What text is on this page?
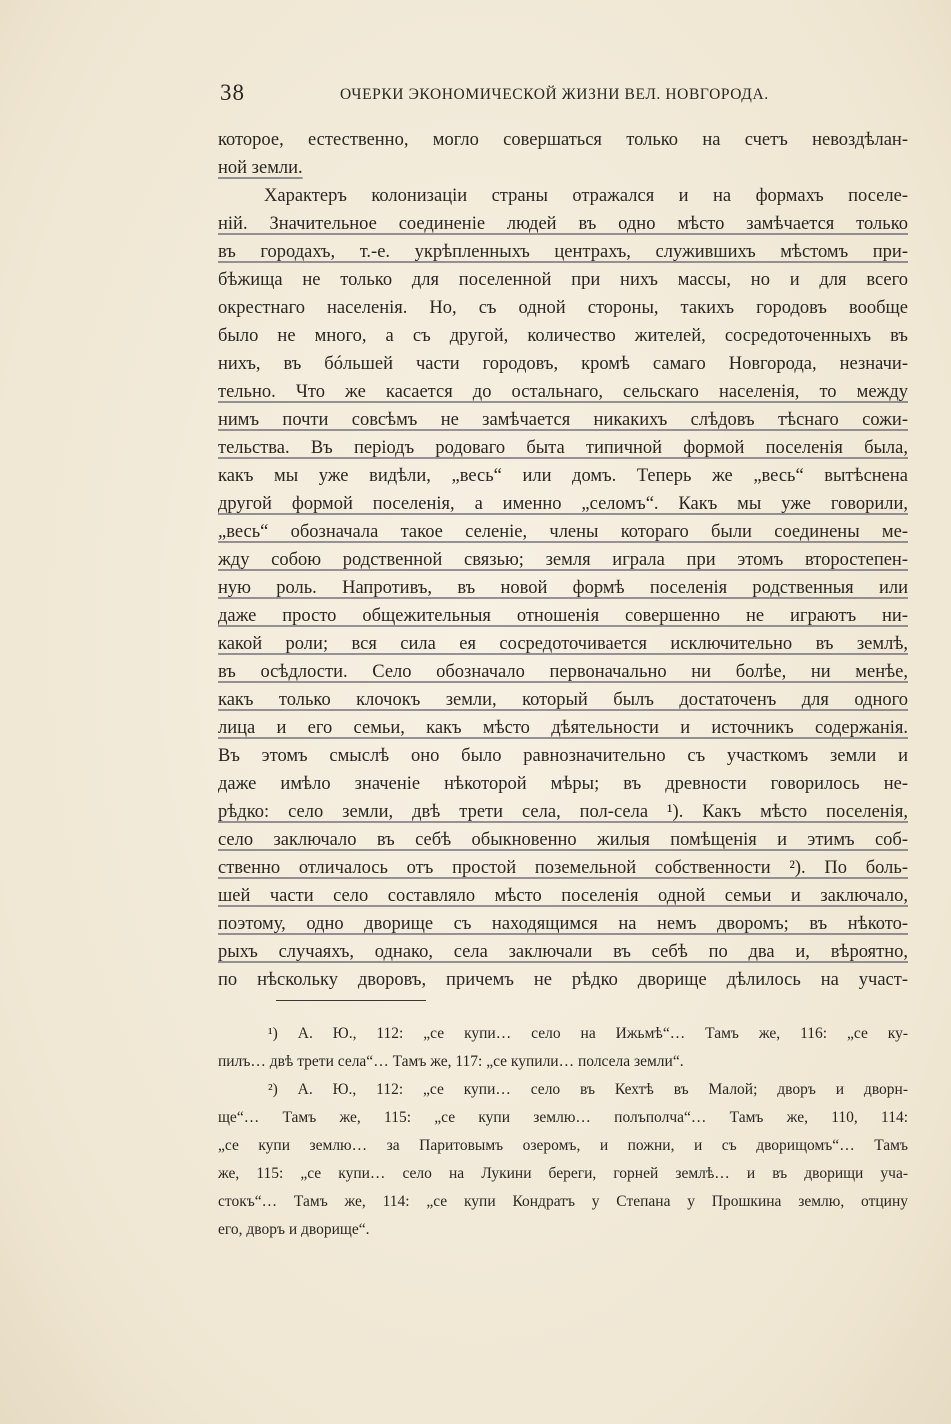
38	ОЧЕРКИ ЭКОНОМИЧЕСКОЙ ЖИЗНИ ВЕЛ. НОВГОРОДА.
которое, естественно, могло совершаться только на счетъ невоздѣлан-
ной земли.
Характеръ колонизаціи страны отражался и на формахъ поселе-
ній. Значительное соединеніе людей въ одно мѣсто замѣчается только
въ городахъ, т.-е. укрѣпленныхъ центрахъ, служившихъ мѣстомъ при-
бѣжища не только для поселенной при нихъ массы, но и для всего
окрестнаго населенія. Но, съ одной стороны, такихъ городовъ вообще
было не много, а съ другой, количество жителей, сосредоточенныхъ въ
нихъ, въ бóльшей части городовъ, кромѣ самаго Новгорода, незначи-
тельно. Что же касается до остальнаго, сельскаго населенія, то между
нимъ почти совсѣмъ не замѣчается никакихъ слѣдовъ тѣснаго сожи-
тельства. Въ періодъ родоваго быта типичной формой поселенія была,
какъ мы уже видѣли, „весь“ или домъ. Теперь же „весь“ вытѣснена
другой формой поселенія, а именно „селомъ“. Какъ мы уже говорили,
„весь“ обозначала такое селеніе, члены котораго были соединены ме-
жду собою родственной связью; земля играла при этомъ второстепен-
ную роль. Напротивъ, въ новой формѣ поселенія родственныя или
даже просто общежительныя отношенія совершенно не играютъ ни-
какой роли; вся сила ея сосредоточивается исключительно въ землѣ,
въ осѣдлости. Село обозначало первоначально ни болѣе, ни менѣе,
какъ только клочокъ земли, который былъ достаточенъ для одного
лица и его семьи, какъ мѣсто дѣятельности и источникъ содержанія.
Въ этомъ смыслѣ оно было равнозначительно съ участкомъ земли и
даже имѣло значеніе нѣкоторой мѣры; въ древности говорилось не-
рѣдко: село земли, двѣ трети села, пол-села ¹). Какъ мѣсто поселенія,
село заключало въ себѣ обыкновенно жилыя помѣщенія и этимъ соб-
ственно отличалось отъ простой поземельной собственности ²). По боль-
шей части село составляло мѣсто поселенія одной семьи и заключало,
поэтому, одно дворище съ находящимся на немъ дворомъ; въ нѣкото-
рыхъ случаяхъ, однако, села заключали въ себѣ по два и, вѣроятно,
по нѣскольку дворовъ, причемъ не рѣдко дворище дѣлилось на участ-
¹) А. Ю., 112: „се купи… село на Ижьмѣ“… Тамъ же, 116: „се ку-
пилъ… двѣ трети села“… Тамъ же, 117: „се купили… полсела земли“.
²) А. Ю., 112: „се купи… село въ Кехтѣ въ Малой; дворъ и дворн-
ще“… Тамъ же, 115: „се купи землю… полъполча“… Тамъ же, 110, 114:
„се купи землю… за Паритовымъ озеромъ, и пожни, и съ дворищомъ“… Тамъ
же, 115: „се купи… село на Лукини береги, горней землѣ… и въ дворищи уча-
стокъ“… Тамъ же, 114: „се купи Кондратъ у Степана у Прошкина землю, отцину
его, дворъ и дворище“.
